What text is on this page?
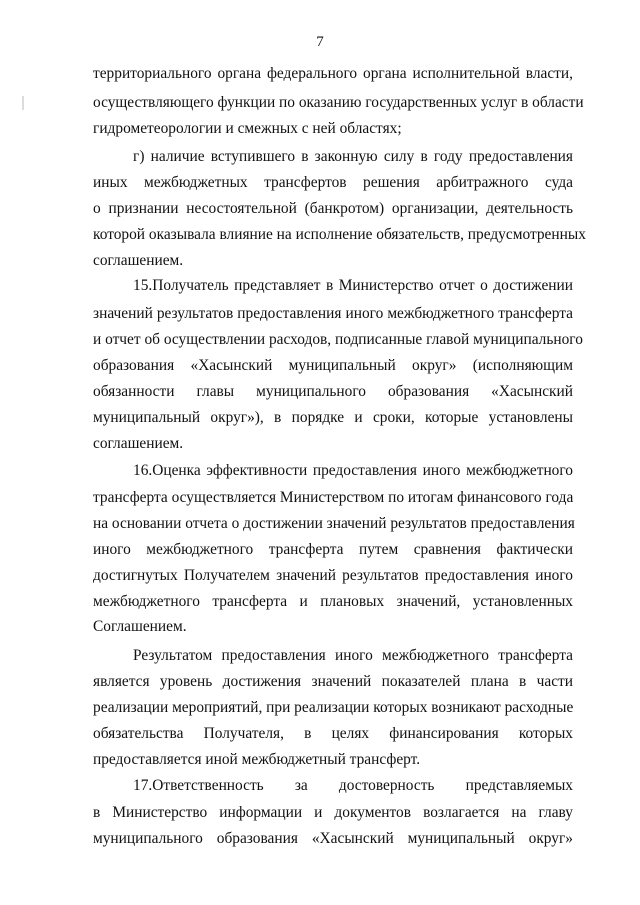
7
территориального органа федерального органа исполнительной власти,
осуществляющего функции по оказанию государственных услуг в области
гидрометеорологии и смежных с ней областях;
г) наличие вступившего в законную силу в году предоставления
иных межбюджетных трансфертов решения арбитражного суда
о признании несостоятельной (банкротом) организации, деятельность
которой оказывала влияние на исполнение обязательств, предусмотренных
соглашением.
15.Получатель представляет в Министерство отчет о достижении
значений результатов предоставления иного межбюджетного трансферта
и отчет об осуществлении расходов, подписанные главой муниципального
образования «Хасынский муниципальный округ» (исполняющим
обязанности главы муниципального образования «Хасынский
муниципальный округ»), в порядке и сроки, которые установлены
соглашением.
16.Оценка эффективности предоставления иного межбюджетного
трансферта осуществляется Министерством по итогам финансового года
на основании отчета о достижении значений результатов предоставления
иного межбюджетного трансферта путем сравнения фактически
достигнутых Получателем значений результатов предоставления иного
межбюджетного трансферта и плановых значений, установленных
Соглашением.
Результатом предоставления иного межбюджетного трансферта
является уровень достижения значений показателей плана в части
реализации мероприятий, при реализации которых возникают расходные
обязательства Получателя, в целях финансирования которых
предоставляется иной межбюджетный трансферт.
17.Ответственность за достоверность представляемых
в Министерство информации и документов возлагается на главу
муниципального образования «Хасынский муниципальный округ»
